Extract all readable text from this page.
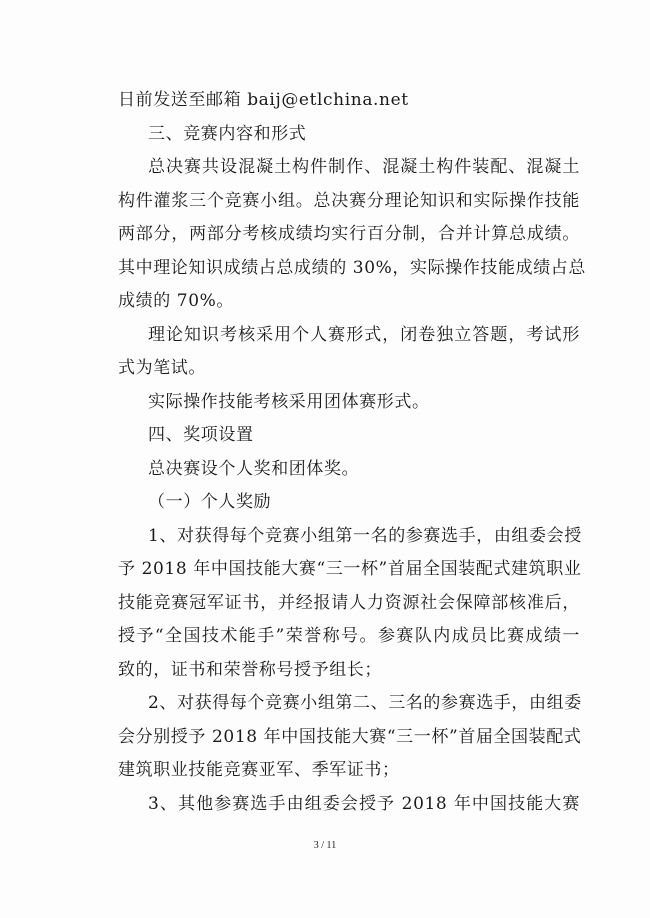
日前发送至邮箱 baij@etlchina.net
三、竞赛内容和形式
总决赛共设混凝土构件制作、混凝土构件装配、混凝土
构件灌浆三个竞赛小组。总决赛分理论知识和实际操作技能
两部分，两部分考核成绩均实行百分制，合并计算总成绩。
其中理论知识成绩占总成绩的 30%，实际操作技能成绩占总
成绩的 70%。
理论知识考核采用个人赛形式，闭卷独立答题，考试形
式为笔试。
实际操作技能考核采用团体赛形式。
四、奖项设置
总决赛设个人奖和团体奖。
（一）个人奖励
1、对获得每个竞赛小组第一名的参赛选手，由组委会授
予 2018 年中国技能大赛“三一杯”首届全国装配式建筑职业
技能竞赛冠军证书，并经报请人力资源社会保障部核准后，
授予“全国技术能手”荣誉称号。参赛队内成员比赛成绩一
致的，证书和荣誉称号授予组长；
2、对获得每个竞赛小组第二、三名的参赛选手，由组委
会分别授予 2018 年中国技能大赛“三一杯”首届全国装配式
建筑职业技能竞赛亚军、季军证书；
3、其他参赛选手由组委会授予 2018 年中国技能大赛
3 / 11
